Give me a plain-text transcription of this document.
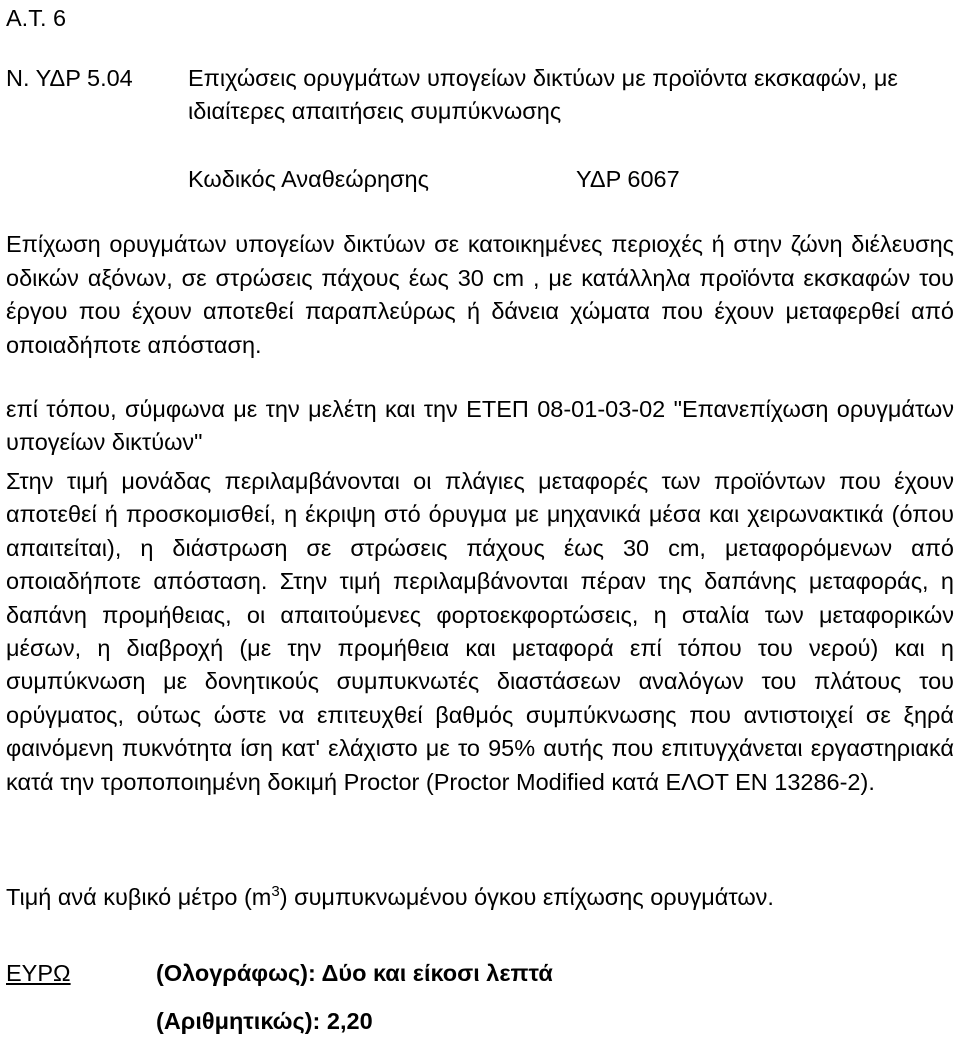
Α.Τ. 6
Ν. ΥΔΡ 5.04 Επιχώσεις ορυγμάτων υπογείων δικτύων με προϊόντα εκσκαφών, με ιδιαίτερες απαιτήσεις συμπύκνωσης
Κωδικός Αναθεώρησης	ΥΔΡ 6067
Επίχωση ορυγμάτων υπογείων δικτύων σε κατοικημένες περιοχές ή στην ζώνη διέλευσης οδικών αξόνων, σε στρώσεις πάχους έως 30 cm , με κατάλληλα προϊόντα εκσκαφών του έργου που έχουν αποτεθεί παραπλεύρως ή δάνεια χώματα που έχουν μεταφερθεί από οποιαδήποτε απόσταση.
επί τόπου, σύμφωνα με την μελέτη και την ΕΤΕΠ 08-01-03-02 "Επανεπίχωση ορυγμάτων υπογείων δικτύων"
Στην τιμή μονάδας περιλαμβάνονται οι πλάγιες μεταφορές των προϊόντων που έχουν αποτεθεί ή προσκομισθεί, η έκριψη στό όρυγμα με μηχανικά μέσα και χειρωνακτικά (όπου απαιτείται), η διάστρωση σε στρώσεις πάχους έως 30 cm, μεταφορόμενων από οποιαδήποτε απόσταση. Στην τιμή περιλαμβάνονται πέραν της δαπάνης μεταφοράς, η δαπάνη προμήθειας, οι απαιτούμενες φορτοεκφορτώσεις, η σταλία των μεταφορικών μέσων, η διαβροχή (με την προμήθεια και μεταφορά επί τόπου του νερού) και η συμπύκνωση με δονητικούς συμπυκνωτές διαστάσεων αναλόγων του πλάτους του ορύγματος, ούτως ώστε να επιτευχθεί βαθμός συμπύκνωσης που αντιστοιχεί σε ξηρά φαινόμενη πυκνότητα ίση κατ' ελάχιστο με το 95% αυτής που επιτυγχάνεται εργαστηριακά κατά την τροποποιημένη δοκιμή Proctor (Proctor Modified κατά ΕΛΟΤ ΕΝ 13286-2).
Τιμή ανά κυβικό μέτρο $(m^3)$ συμπυκνωμένου όγκου επίχωσης ορυγμάτων.
ΕΥΡΩ	(Ολογράφως): Δύο και είκοσι λεπτά
(Αριθμητικώς): 2,20
